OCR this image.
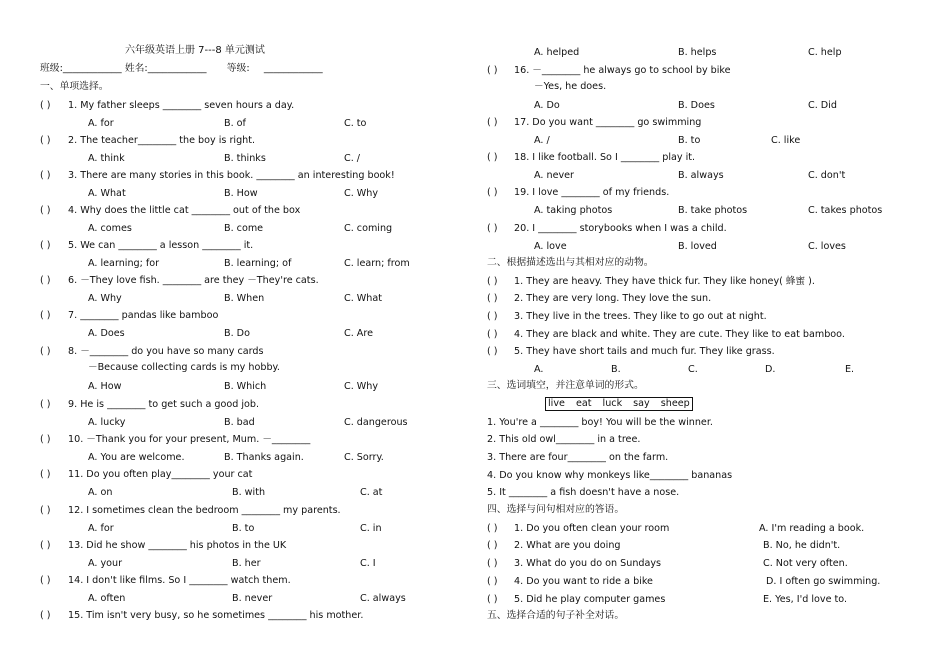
六年级英语上册 7---8 单元测试
班级:____________ 姓名:____________ 等级: ____________
一、单项选择。
( ) 1. My father sleeps ________ seven hours a day.
A. for	B. of	C. to
( ) 2. The teacher________ the boy is right.
A. think	B. thinks	C. /
( ) 3. There are many stories in this book. ________ an interesting book!
A. What	B. How	C. Why
( ) 4. Why does the little cat ________ out of the box
A. comes	B. come	C. coming
( ) 5. We can ________ a lesson ________ it.
A. learning; for	B. learning; of	C. learn; from
( ) 6. －They love fish. ________ are they －They're cats.
A. Why	B. When	C. What
( ) 7. ________ pandas like bamboo
A. Does	B. Do	C. Are
( ) 8. －________ do you have so many cards
－Because collecting cards is my hobby.
A. How	B. Which	C. Why
( ) 9. He is ________ to get such a good job.
A. lucky	B. bad	C. dangerous
( ) 10. －Thank you for your present, Mum. －________
A. You are welcome.	B. Thanks again.	C. Sorry.
( ) 11. Do you often play________ your cat
A. on	B. with	C. at
( ) 12. I sometimes clean the bedroom ________ my parents.
A. for	B. to	C. in
( ) 13. Did he show ________ his photos in the UK
A. your	B. her	C. I
( ) 14. I don't like films. So I ________ watch them.
A. often	B. never	C. always
( ) 15. Tim isn't very busy, so he sometimes ________ his mother.
A. helped	B. helps	C. help
( ) 16. －________ he always go to school by bike
－Yes, he does.
A. Do	B. Does	C. Did
( ) 17. Do you want ________ go swimming
A. /	B. to	C. like
( ) 18. I like football. So I ________ play it.
A. never	B. always	C. don't
( ) 19. I love ________ of my friends.
A. taking photos	B. take photos	C. takes photos
( ) 20. I ________ storybooks when I was a child.
A. love	B. loved	C. loves
二、根据描述选出与其相对应的动物。
( ) 1. They are heavy. They have thick fur. They like honey( 蜂蜜 ).
( ) 2. They are very long. They love the sun.
( ) 3. They live in the trees. They like to go out at night.
( ) 4. They are black and white. They are cute. They like to eat bamboo.
( ) 5. They have short tails and much fur. They like grass.
A.	B.	C.	D.	E.
三、选词填空，并注意单词的形式。
live eat luck say sheep
1. You're a ________ boy! You will be the winner.
2. This old owl________ in a tree.
3. There are four________ on the farm.
4. Do you know why monkeys like________ bananas
5. It ________ a fish doesn't have a nose.
四、选择与问句相对应的答语。
( ) 1. Do you often clean your room	A. I'm reading a book.
( ) 2. What are you doing	B. No, he didn't.
( ) 3. What do you do on Sundays	C. Not very often.
( ) 4. Do you want to ride a bike	D. I often go swimming.
( ) 5. Did he play computer games	E. Yes, I'd love to.
五、选择合适的句子补全对话。
